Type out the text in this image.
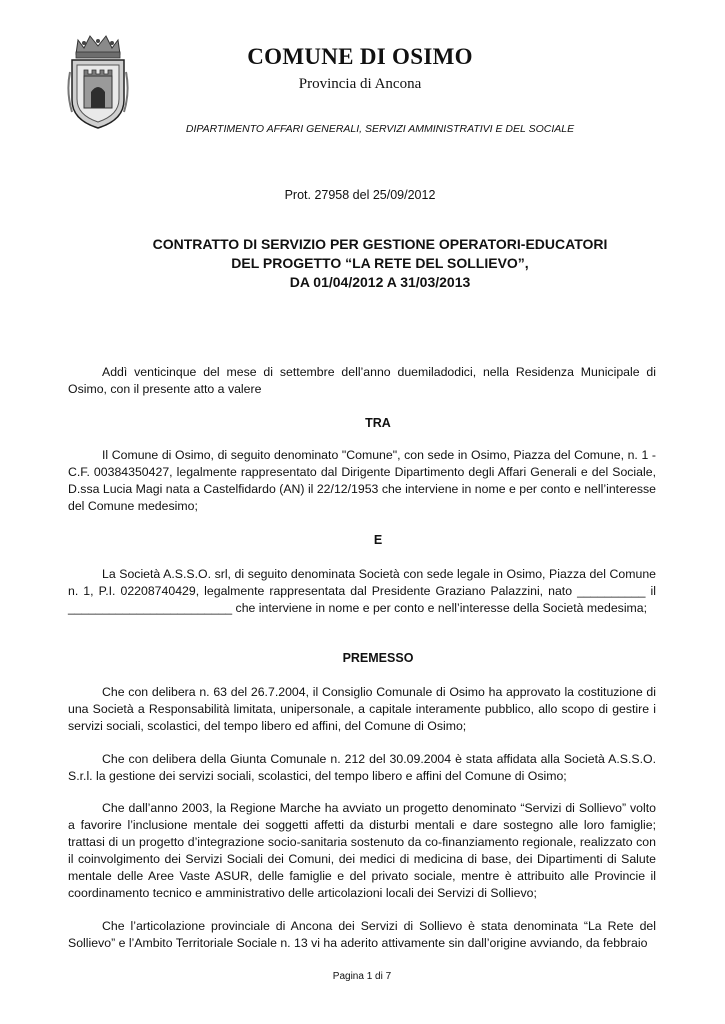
COMUNE DI OSIMO
Provincia di Ancona
DIPARTIMENTO AFFARI GENERALI, SERVIZI AMMINISTRATIVI E DEL SOCIALE
Prot. 27958 del 25/09/2012
CONTRATTO DI SERVIZIO PER GESTIONE OPERATORI-EDUCATORI
DEL PROGETTO “LA RETE DEL SOLLIEVO”,
DA 01/04/2012 A 31/03/2013

Addì venticinque del mese di settembre dell’anno duemiladodici, nella Residenza Municipale di Osimo, con il presente atto a valere

TRA

Il Comune di Osimo, di seguito denominato "Comune", con sede in Osimo, Piazza del Comune, n. 1 - C.F. 00384350427, legalmente rappresentato dal Dirigente Dipartimento degli Affari Generali e del Sociale, D.ssa Lucia Magi nata a Castelfidardo (AN) il 22/12/1953 che interviene in nome e per conto e nell’interesse del Comune medesimo;

E

La Società A.S.S.O. srl, di seguito denominata Società con sede legale in Osimo, Piazza del Comune n. 1, P.I. 02208740429, legalmente rappresentata dal Presidente Graziano Palazzini, nato __________ il ________________________ che interviene in nome e per conto e nell’interesse della Società medesima;

PREMESSO

Che con delibera n. 63 del 26.7.2004, il Consiglio Comunale di Osimo ha approvato la costituzione di una Società a Responsabilità limitata, unipersonale, a capitale interamente pubblico, allo scopo di gestire i servizi sociali, scolastici, del tempo libero ed affini, del Comune di Osimo;

Che con delibera della Giunta Comunale n. 212 del 30.09.2004 è stata affidata alla Società A.S.S.O. S.r.l. la gestione dei servizi sociali, scolastici, del tempo libero e affini del Comune di Osimo;

Che dall’anno 2003, la Regione Marche ha avviato un progetto denominato “Servizi di Sollievo” volto a favorire l’inclusione mentale dei soggetti affetti da disturbi mentali e dare sostegno alle loro famiglie; trattasi di un progetto d’integrazione socio-sanitaria sostenuto da co-finanziamento regionale, realizzato con il coinvolgimento dei Servizi Sociali dei Comuni, dei medici di medicina di base, dei Dipartimenti di Salute mentale delle Aree Vaste ASUR, delle famiglie e del privato sociale, mentre è attribuito alle Provincie il coordinamento tecnico e amministrativo delle articolazioni locali dei Servizi di Sollievo;

Che l’articolazione provinciale di Ancona dei Servizi di Sollievo è stata denominata “La Rete del Sollievo” e l’Ambito Territoriale Sociale n. 13 vi ha aderito attivamente sin dall’origine avviando, da febbraio

Pagina 1 di 7
